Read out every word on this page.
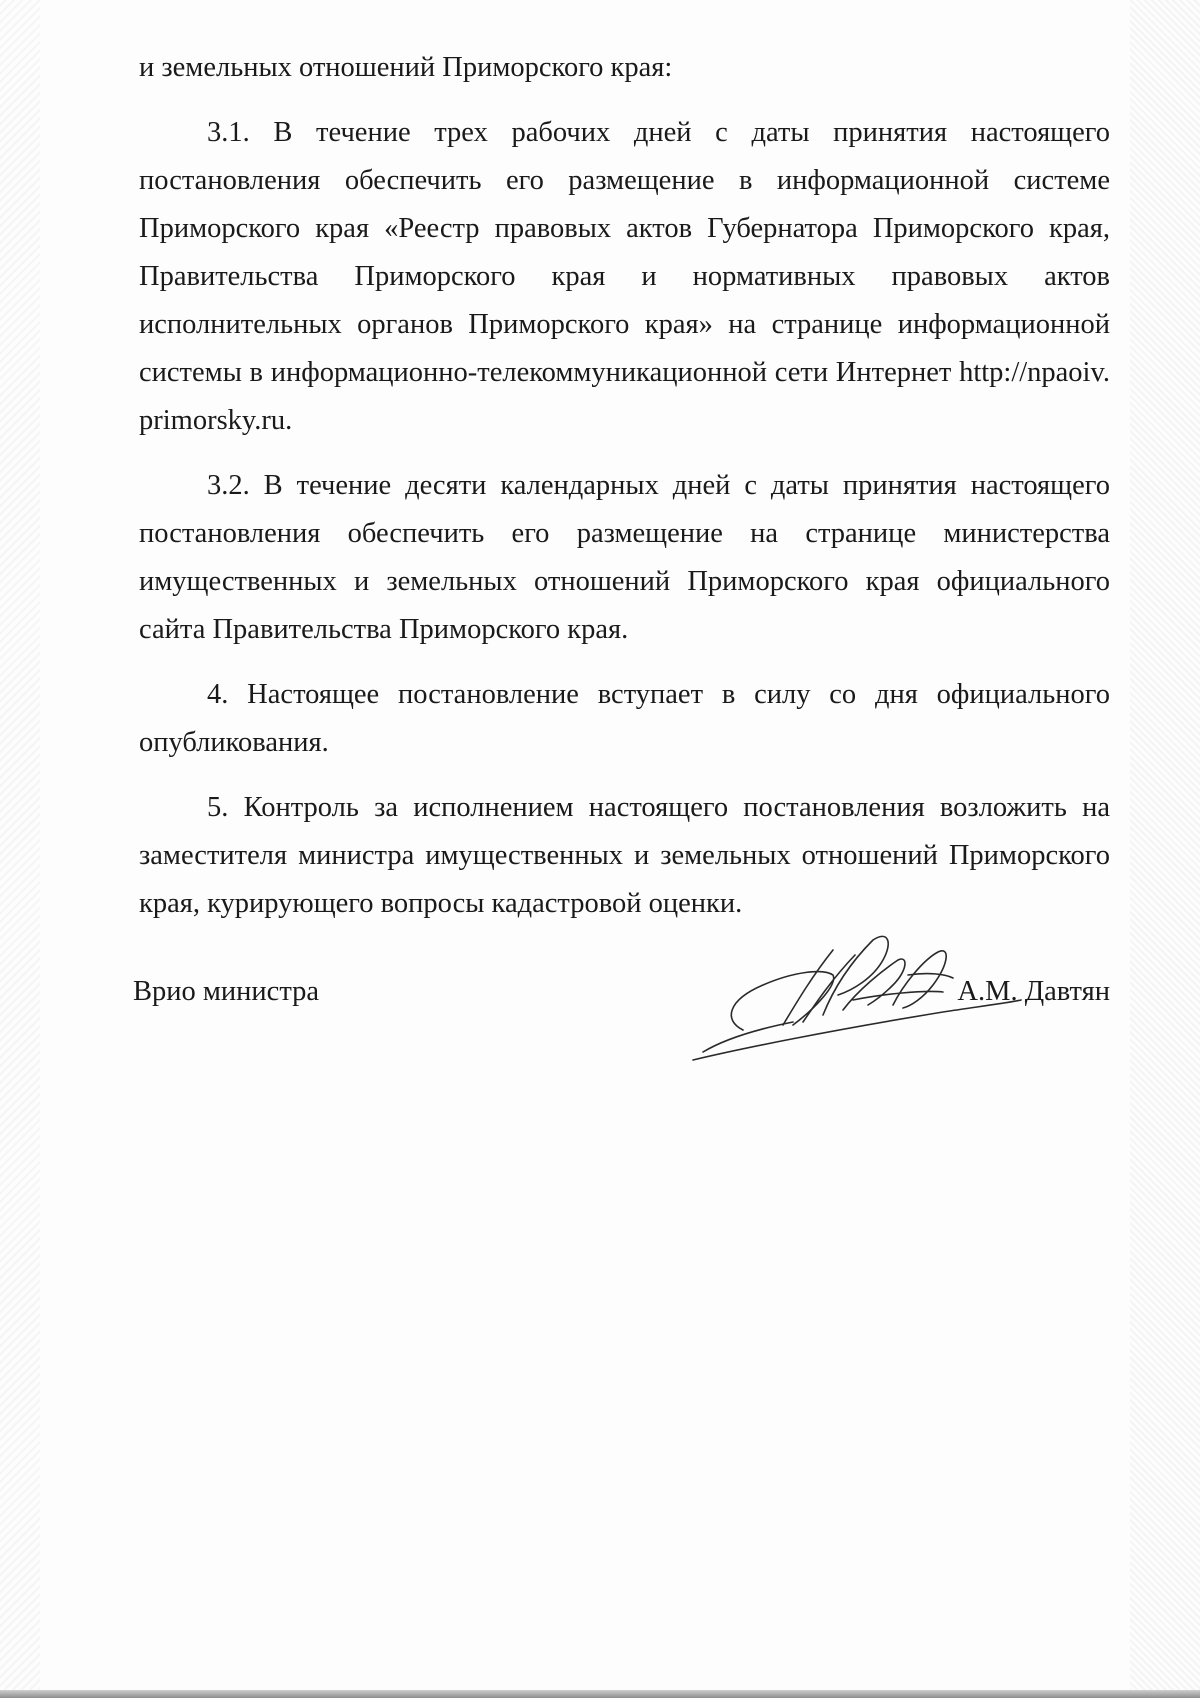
и земельных отношений Приморского края:

3.1. В течение трех рабочих дней с даты принятия настоящего постановления обеспечить его размещение в информационной системе Приморского края «Реестр правовых актов Губернатора Приморского края, Правительства Приморского края и нормативных правовых актов исполнительных органов Приморского края» на странице информационной системы в информационно-телекоммуникационной сети Интернет http://npaoiv.primorsky.ru.

3.2. В течение десяти календарных дней с даты принятия настоящего постановления обеспечить его размещение на странице министерства имущественных и земельных отношений Приморского края официального сайта Правительства Приморского края.

4. Настоящее постановление вступает в силу со дня официального опубликования.

5. Контроль за исполнением настоящего постановления возложить на заместителя министра имущественных и земельных отношений Приморского края, курирующего вопросы кадастровой оценки.

Врио министра	А.М. Давтян
